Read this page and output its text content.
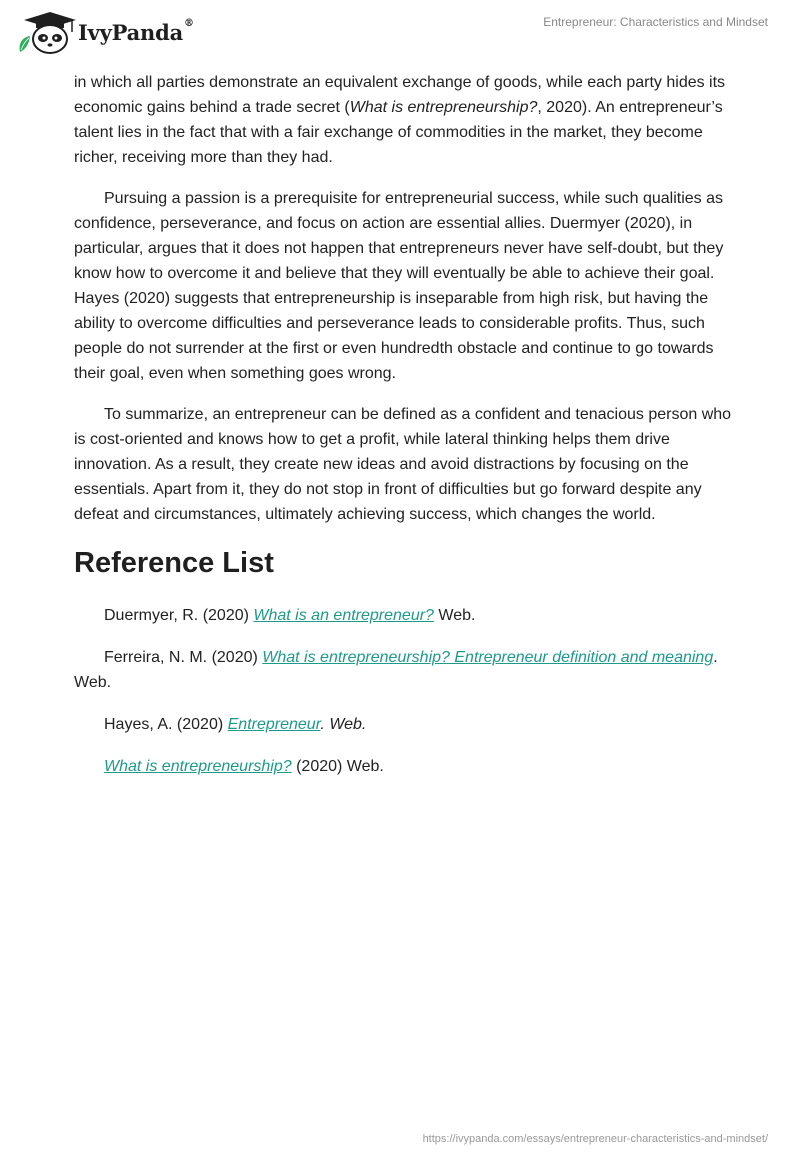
IvyPanda®	Entrepreneur: Characteristics and Mindset

in which all parties demonstrate an equivalent exchange of goods, while each party hides its economic gains behind a trade secret (What is entrepreneurship?, 2020). An entrepreneur’s talent lies in the fact that with a fair exchange of commodities in the market, they become richer, receiving more than they had.

Pursuing a passion is a prerequisite for entrepreneurial success, while such qualities as confidence, perseverance, and focus on action are essential allies. Duermyer (2020), in particular, argues that it does not happen that entrepreneurs never have self-doubt, but they know how to overcome it and believe that they will eventually be able to achieve their goal. Hayes (2020) suggests that entrepreneurship is inseparable from high risk, but having the ability to overcome difficulties and perseverance leads to considerable profits. Thus, such people do not surrender at the first or even hundredth obstacle and continue to go towards their goal, even when something goes wrong.

To summarize, an entrepreneur can be defined as a confident and tenacious person who is cost-oriented and knows how to get a profit, while lateral thinking helps them drive innovation. As a result, they create new ideas and avoid distractions by focusing on the essentials. Apart from it, they do not stop in front of difficulties but go forward despite any defeat and circumstances, ultimately achieving success, which changes the world.

Reference List

Duermyer, R. (2020) What is an entrepreneur? Web.

Ferreira, N. M. (2020) What is entrepreneurship? Entrepreneur definition and meaning. Web.

Hayes, A. (2020) Entrepreneur. Web.

What is entrepreneurship? (2020) Web.

https://ivypanda.com/essays/entrepreneur-characteristics-and-mindset/
